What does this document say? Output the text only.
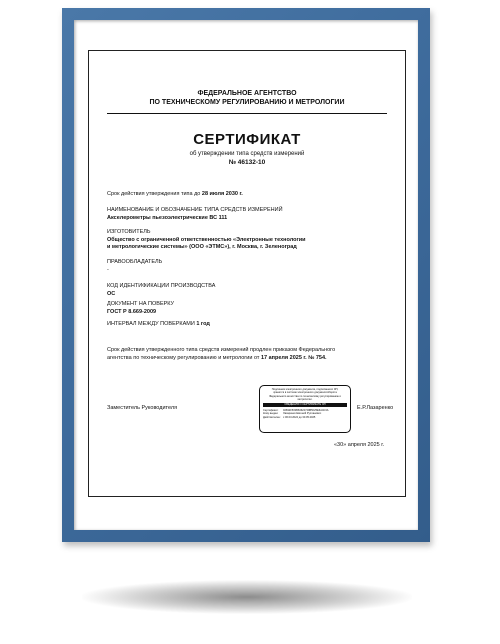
ФЕДЕРАЛЬНОЕ АГЕНТСТВО
ПО ТЕХНИЧЕСКОМУ РЕГУЛИРОВАНИЮ И МЕТРОЛОГИИ
СЕРТИФИКАТ
об утверждении типа средств измерений
№ 46132-10
Срок действия утверждения типа до 28 июля 2030 г.
НАИМЕНОВАНИЕ И ОБОЗНАЧЕНИЕ ТИПА СРЕДСТВ ИЗМЕРЕНИЙ
Акселерометры пьезоэлектрические ВС 111
ИЗГОТОВИТЕЛЬ
Общество с ограниченной ответственностью «Электронные технологии
и метрологические системы» (ООО «ЭТМС»), г. Москва, г. Зеленоград
ПРАВООБЛАДАТЕЛЬ
-
КОД ИДЕНТИФИКАЦИИ ПРОИЗВОДСТВА
ОС
ДОКУМЕНТ НА ПОВЕРКУ
ГОСТ Р 8.669-2009
ИНТЕРВАЛ МЕЖДУ ПОВЕРКАМИ 1 год
Срок действия утвержденного типа средств измерений продлен приказом Федерального
агентства по техническому регулированию и метрологии от 17 апреля 2025 г. № 754.
Заместитель Руководителя	Е.Р.Лазаренко
Подлинник электронного документа, подписанного ЭП,
хранится в системе электронного документооборота
Федерального агентства по техническому регулированию и
метрологии.
СВЕДЕНИЯ О СЕРТИФИКАТЕ ЭП
Сертификат:	02692F503B63622749B5F25E6A4C3A
Кому выдан:	Лазаренко Евгений Русланович
Действителен: с 06.03.2024 до 30.05.2025
«30» апреля 2025 г.
